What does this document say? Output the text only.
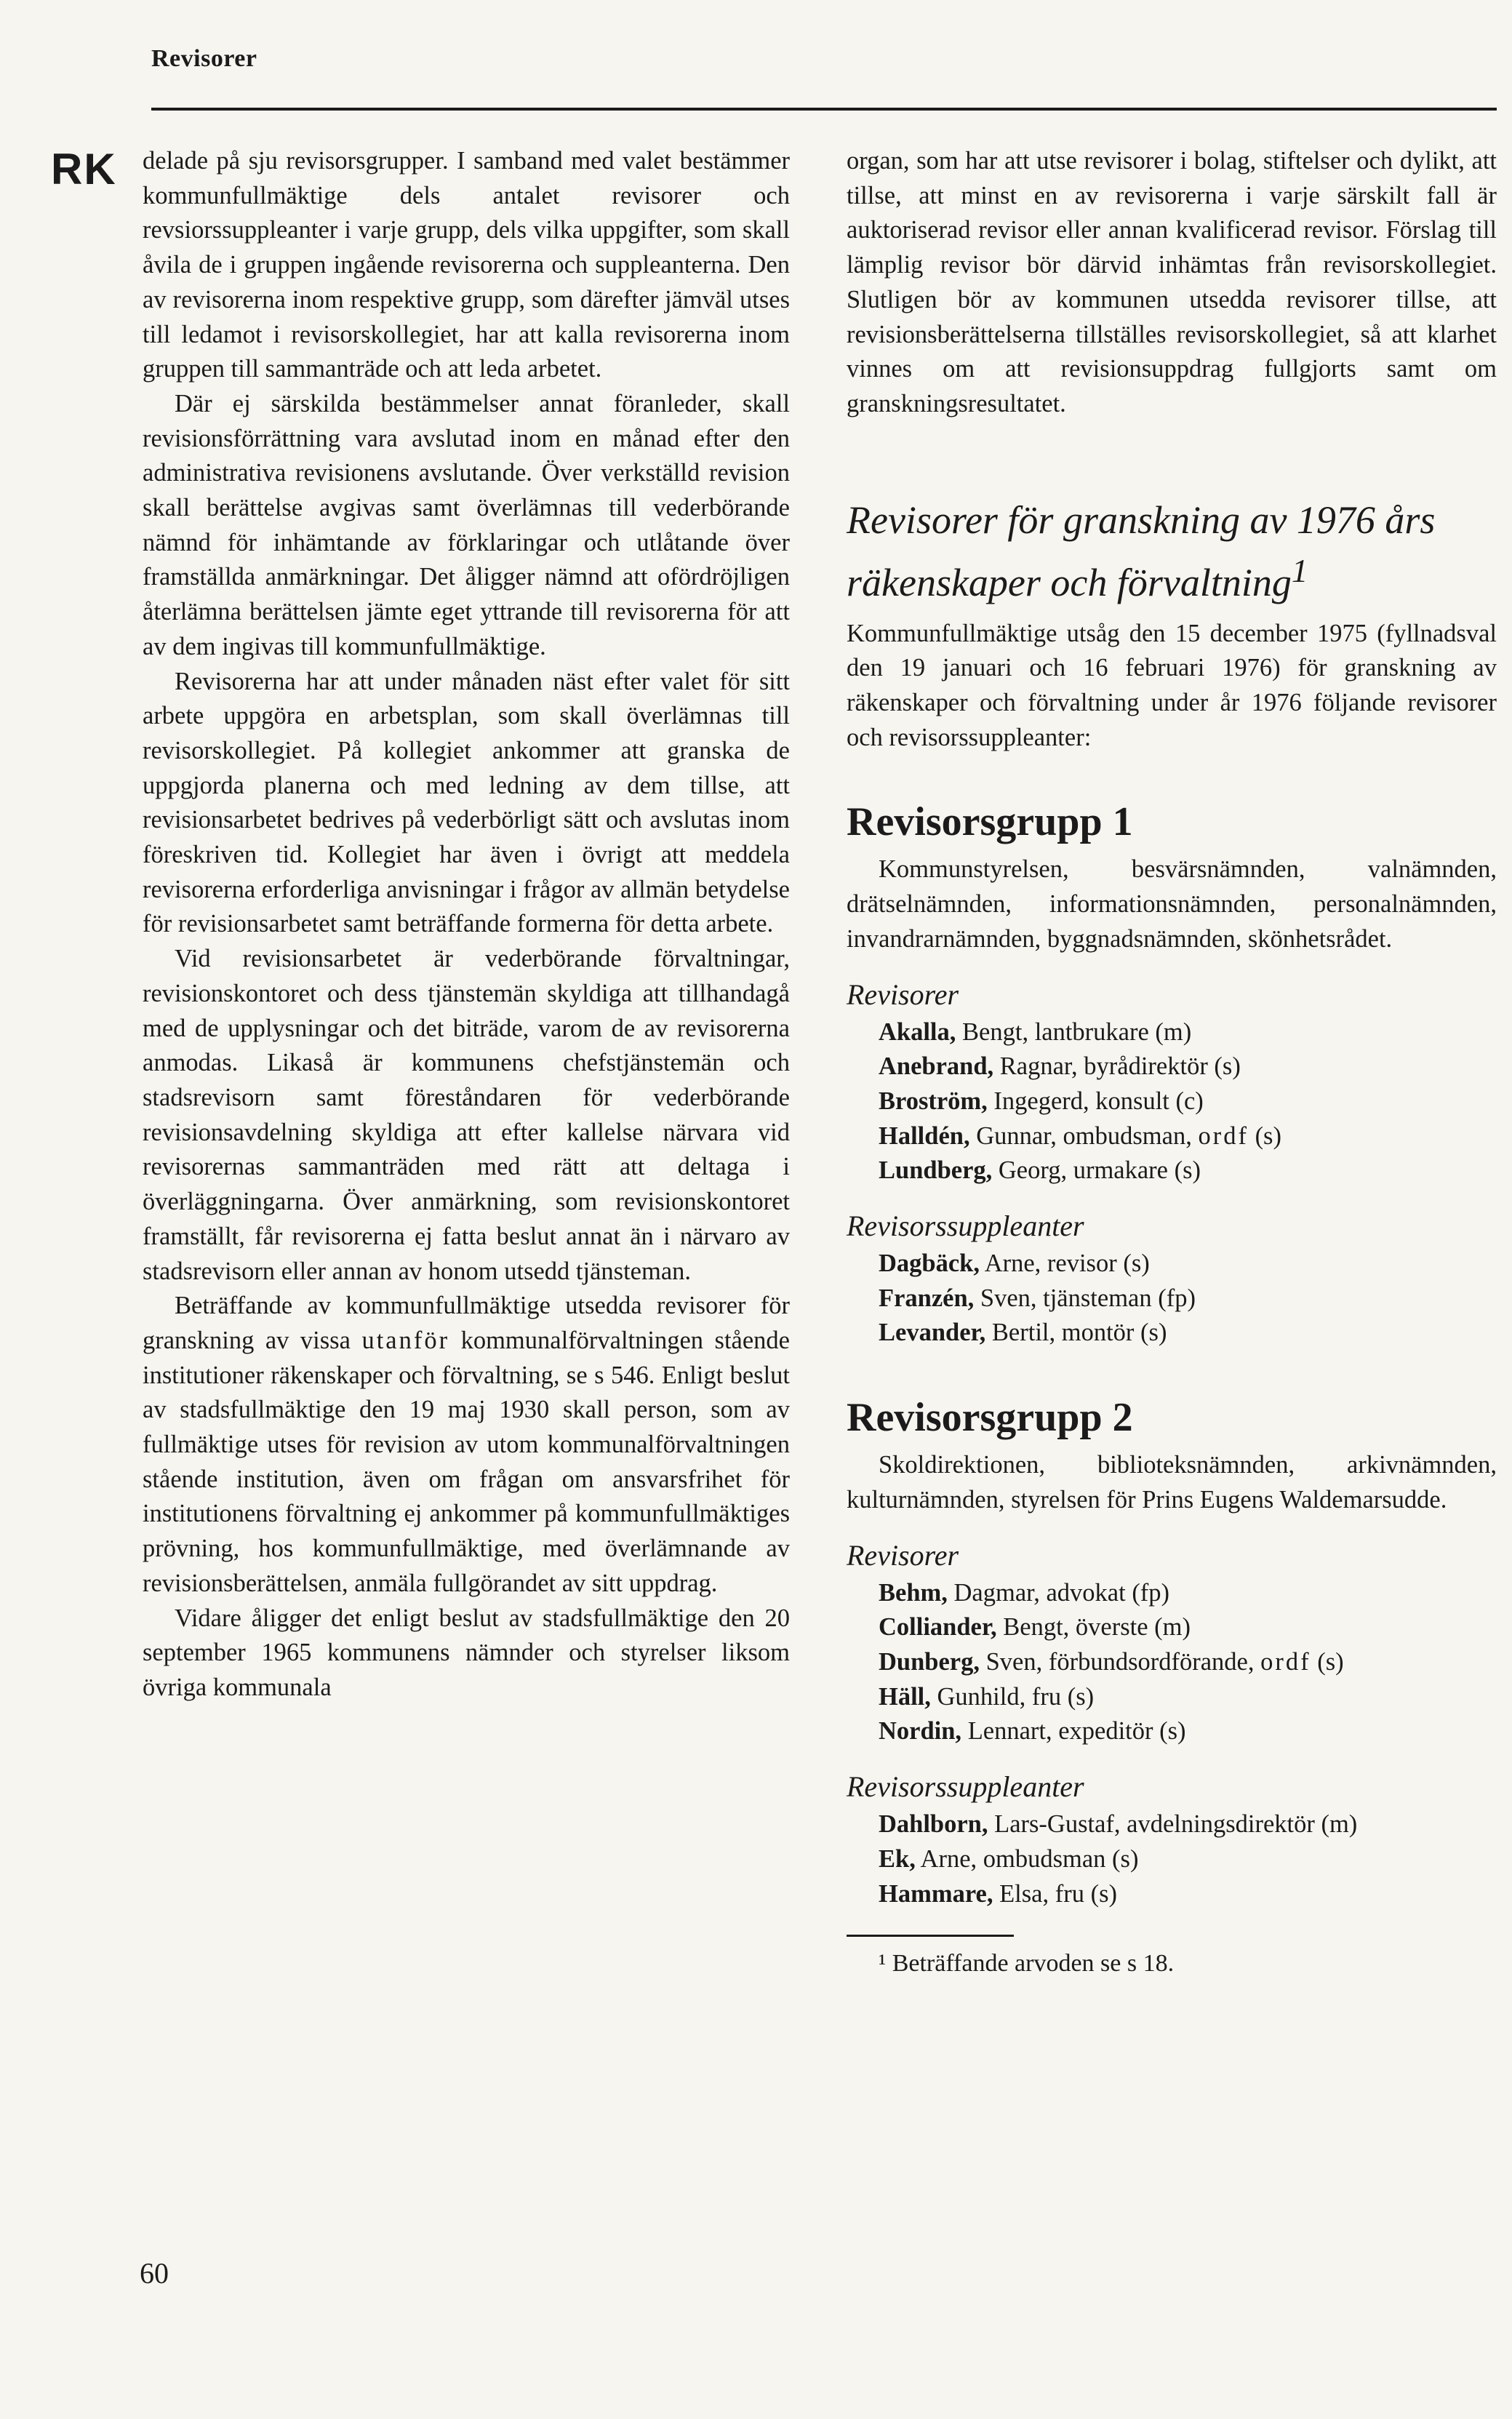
Revisorer
RK delade på sju revisorsgrupper. I samband med valet bestämmer kommunfullmäktige dels antalet revisorer och revsiorssuppleanter i varje grupp, dels vilka uppgifter, som skall åvila de i gruppen ingående revisorerna och suppleanterna. Den av revisorerna inom respektive grupp, som därefter jämväl utses till ledamot i revisorskollegiet, har att kalla revisorerna inom gruppen till sammanträde och att leda arbetet.

Där ej särskilda bestämmelser annat föranleder, skall revisionsförrättning vara avslutad inom en månad efter den administrativa revisionens avslutande. Över verkställd revision skall berättelse avgivas samt överlämnas till vederbörande nämnd för inhämtande av förklaringar och utlåtande över framställda anmärkningar. Det åligger nämnd att ofördröjligen återlämna berättelsen jämte eget yttrande till revisorerna för att av dem ingivas till kommunfullmäktige.

Revisorerna har att under månaden näst efter valet för sitt arbete uppgöra en arbetsplan, som skall överlämnas till revisorskollegiet. På kollegiet ankommer att granska de uppgjorda planerna och med ledning av dem tillse, att revisionsarbetet bedrives på vederbörligt sätt och avslutas inom föreskriven tid. Kollegiet har även i övrigt att meddela revisorerna erforderliga anvisningar i frågor av allmän betydelse för revisionsarbetet samt beträffande formerna för detta arbete.

Vid revisionsarbetet är vederbörande förvaltningar, revisionskontoret och dess tjänstemän skyldiga att tillhandagå med de upplysningar och det biträde, varom de av revisorerna anmodas. Likaså är kommunens chefstjänstemän och stadsrevisorn samt föreståndaren för vederbörande revisionsavdelning skyldiga att efter kallelse närvara vid revisorernas sammanträden med rätt att deltaga i överläggningarna. Över anmärkning, som revisionskontoret framställt, får revisorerna ej fatta beslut annat än i närvaro av stadsrevisorn eller annan av honom utsedd tjänsteman.

Beträffande av kommunfullmäktige utsedda revisorer för granskning av vissa utanför kommunalförvaltningen stående institutioner räkenskaper och förvaltning, se s 546. Enligt beslut av stadsfullmäktige den 19 maj 1930 skall person, som av fullmäktige utses för revision av utom kommunalförvaltningen stående institution, även om frågan om ansvarsfrihet för institutionens förvaltning ej ankommer på kommunfullmäktiges prövning, hos kommunfullmäktige, med överlämnande av revisionsberättelsen, anmäla fullgörandet av sitt uppdrag.

Vidare åligger det enligt beslut av stadsfullmäktige den 20 september 1965 kommunens nämnder och styrelser liksom övriga kommunala

organ, som har att utse revisorer i bolag, stiftelser och dylikt, att tillse, att minst en av revisorerna i varje särskilt fall är auktoriserad revisor eller annan kvalificerad revisor. Förslag till lämplig revisor bör därvid inhämtas från revisorskollegiet. Slutligen bör av kommunen utsedda revisorer tillse, att revisionsberättelserna tillställes revisorskollegiet, så att klarhet vinnes om att revisionsuppdrag fullgjorts samt om granskningsresultatet.

Revisorer för granskning av 1976 års räkenskaper och förvaltning$^1$

Kommunfullmäktige utsåg den 15 december 1975 (fyllnadsval den 19 januari och 16 februari 1976) för granskning av räkenskaper och förvaltning under år 1976 följande revisorer och revisorssuppleanter:

Revisorsgrupp 1

Kommunstyrelsen, besvärsnämnden, valnämnden, drätselnämnden, informationsnämnden, personalnämnden, invandrarnämnden, byggnadsnämnden, skönhetsrådet.

Revisorer

Akalla, Bengt, lantbrukare (m)

Anebrand, Ragnar, byrådirektör (s)

Broström, Ingegerd, konsult (c)

Halldén, Gunnar, ombudsman, ordf (s)

Lundberg, Georg, urmakare (s)

Revisorssuppleanter

Dagbäck, Arne, revisor (s)

Franzén, Sven, tjänsteman (fp)

Levander, Bertil, montör (s)

Revisorsgrupp 2

Skoldirektionen, biblioteksnämnden, arkivnämnden, kulturnämnden, styrelsen för Prins Eugens Waldemarsudde.

Revisorer

Behm, Dagmar, advokat (fp)

Colliander, Bengt, överste (m)

Dunberg, Sven, förbundsordförande, ordf (s)

Häll, Gunhild, fru (s)

Nordin, Lennart, expeditör (s)

Revisorssuppleanter

Dahlborn, Lars-Gustaf, avdelningsdirektör (m)

Ek, Arne, ombudsman (s)

Hammare, Elsa, fru (s)

¹ Beträffande arvoden se s 18.

60
